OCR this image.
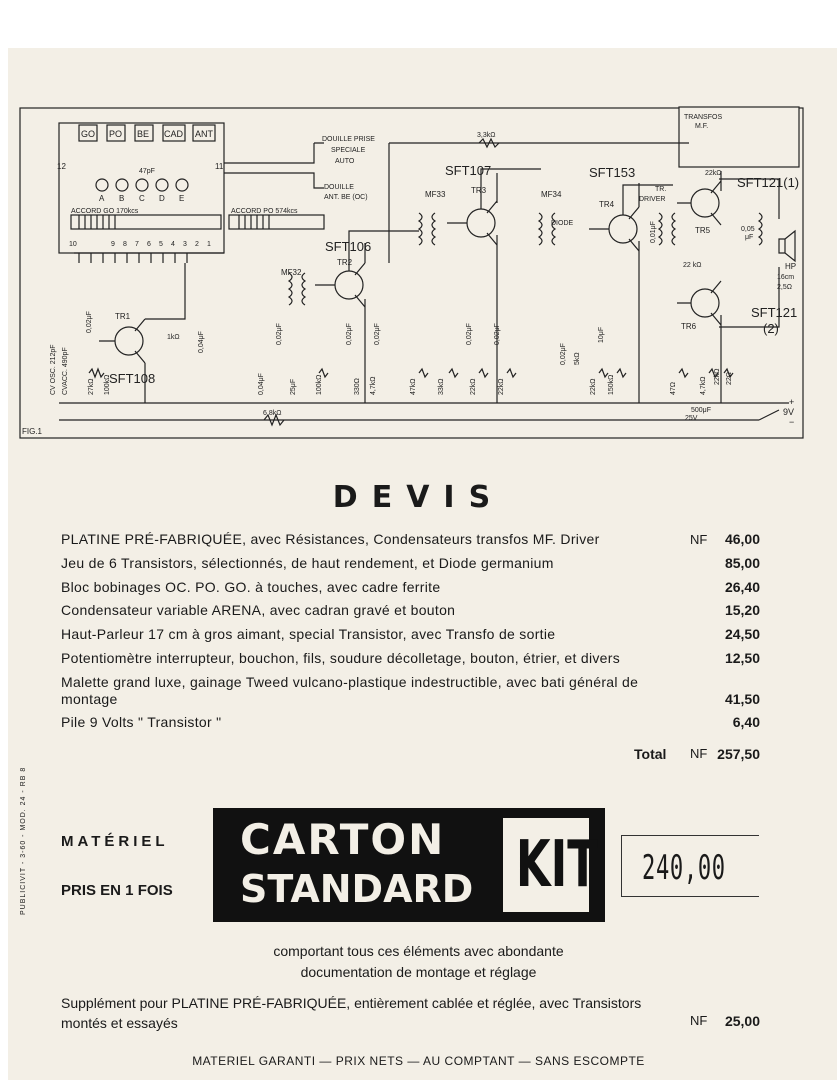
FIG.1
GO PO BE CAD ANT
A B C D E
47pF
ACCORD GO 170kcs	ACCORD PO 574kcs
12	11
10	9 8 7 6 5 4 3 2 1
DOUILLE PRISE
SPECIALE
AUTO
DOUILLE
ANT. BE (OC)
3,3kΩ
TRANSFOS
M.F.
SFT107	SFT153
SFT106
SFT108
SFT121(1)
SFT121
(2)
TR1
TR2
TR3
TR4
TR5
TR6
TR.
DRIVER
MF32
MF33	MF34
DIODE
22kΩ
22 kΩ
0,05
μF
HP
16cm
2,5Ω
CV OSC. 212pF CVACC. 490pF
0,02μF
1kΩ	0,04μF
27kΩ 100kΩ	0,04μF	25μF	100kΩ	330Ω 4,7kΩ	47kΩ	33kΩ	22kΩ	22kΩ
0,02μF	0,02μF	0,02μF	0,02μF
0,02μF
0,02μF
5kΩ
10μF
22kΩ 150kΩ
0,01μF
47Ω	4,7kΩ 22kΩ 22Ω
6,8kΩ	500μF
25V
+
9V
−
DEVIS
PLATINE PRÉ-FABRIQUÉE, avec Résistances, Condensateurs transfos MF. Driver	NF 46,00
Jeu de 6 Transistors, sélectionnés, de haut rendement, et Diode germanium	85,00
Bloc bobinages OC. PO. GO. à touches, avec cadre ferrite	26,40
Condensateur variable ARENA, avec cadran gravé et bouton	15,20
Haut-Parleur 17 cm à gros aimant, special Transistor, avec Transfo de sortie	24,50
Potentiomètre interrupteur, bouchon, fils, soudure décolletage, bouton, étrier, et divers	12,50
Malette grand luxe, gainage Tweed vulcano-plastique indestructible, avec bati général de montage	41,50
Pile 9 Volts " Transistor "	6,40
Total NF 257,50
MATÉRIEL
PRIS EN 1 FOIS
CARTON
STANDARD KIT 240,00
comportant tous ces éléments avec abondante
documentation de montage et réglage
Supplément pour PLATINE PRÉ-FABRIQUÉE, entièrement cablée et réglée, avec Transistors montés et essayés	NF 25,00
MATERIEL GARANTI — PRIX NETS — AU COMPTANT — SANS ESCOMPTE
PUBLICIVIT - 3-60 - MOD. 24 - RB 8
